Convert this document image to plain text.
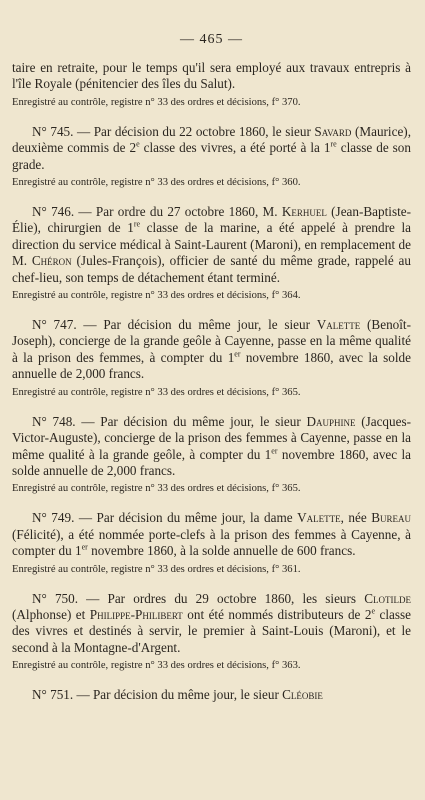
— 465 —

taire en retraite, pour le temps qu'il sera employé aux travaux entrepris à l'île Royale (pénitencier des îles du Salut).

Enregistré au contrôle, registre n° 33 des ordres et décisions, f° 370.

N° 745. — Par décision du 22 octobre 1860, le sieur Savard (Maurice), deuxième commis de 2e classe des vivres, a été porté à la 1re classe de son grade.

Enregistré au contrôle, registre n° 33 des ordres et décisions, f° 360.

N° 746. — Par ordre du 27 octobre 1860, M. Kerhuel (Jean-Baptiste-Élie), chirurgien de 1re classe de la marine, a été appelé à prendre la direction du service médical à Saint-Laurent (Maroni), en remplacement de M. Chéron (Jules-François), officier de santé du même grade, rappelé au chef-lieu, son temps de détachement étant terminé.

Enregistré au contrôle, registre n° 33 des ordres et décisions, f° 364.

N° 747. — Par décision du même jour, le sieur Valette (Benoît-Joseph), concierge de la grande geôle à Cayenne, passe en la même qualité à la prison des femmes, à compter du 1er novembre 1860, avec la solde annuelle de 2,000 francs.

Enregistré au contrôle, registre n° 33 des ordres et décisions, f° 365.

N° 748. — Par décision du même jour, le sieur Dauphine (Jacques-Victor-Auguste), concierge de la prison des femmes à Cayenne, passe en la même qualité à la grande geôle, à compter du 1er novembre 1860, avec la solde annuelle de 2,000 francs.

Enregistré au contrôle, registre n° 33 des ordres et décisions, f° 365.

N° 749. — Par décision du même jour, la dame Valette, née Bureau (Félicité), a été nommée porte-clefs à la prison des femmes à Cayenne, à compter du 1er novembre 1860, à la solde annuelle de 600 francs.

Enregistré au contrôle, registre n° 33 des ordres et décisions, f° 361.

N° 750. — Par ordres du 29 octobre 1860, les sieurs Clotilde (Alphonse) et Philippe-Philibert ont été nommés distributeurs de 2e classe des vivres et destinés à servir, le premier à Saint-Louis (Maroni), et le second à la Montagne-d'Argent.

Enregistré au contrôle, registre n° 33 des ordres et décisions, f° 363.

N° 751. — Par décision du même jour, le sieur Cléobie
